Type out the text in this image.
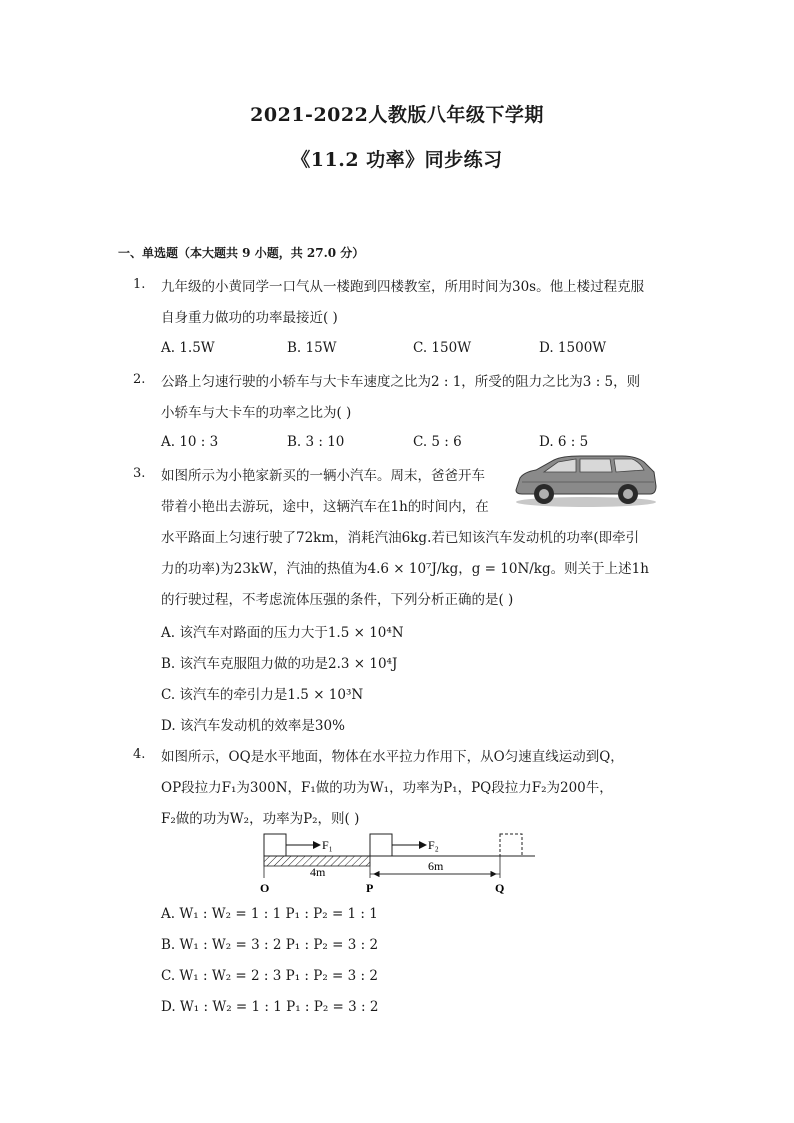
2021-2022人教版八年级下学期
《11.2 功率》同步练习
一、单选题（本大题共 9 小题，共 27.0 分）
1. 九年级的小黄同学一口气从一楼跑到四楼教室，所用时间为30s。他上楼过程克服
自身重力做功的功率最接近( )
A. 1.5W	B. 15W	C. 150W	D. 1500W
2. 公路上匀速行驶的小轿车与大卡车速度之比为2 : 1，所受的阻力之比为3 : 5，则
小轿车与大卡车的功率之比为( )
A. 10 : 3	B. 3 : 10	C. 5 : 6	D. 6 : 5
3. 如图所示为小艳家新买的一辆小汽车。周末，爸爸开车
带着小艳出去游玩，途中，这辆汽车在1h的时间内，在
水平路面上匀速行驶了72km，消耗汽油6kg.若已知该汽车发动机的功率(即牵引
力的功率)为23kW，汽油的热值为4.6 × 10⁷J/kg，g = 10N/kg。则关于上述1h
的行驶过程，不考虑流体压强的条件，下列分析正确的是( )
A. 该汽车对路面的压力大于1.5 × 10⁴N
B. 该汽车克服阻力做的功是2.3 × 10⁴J
C. 该汽车的牵引力是1.5 × 10³N
D. 该汽车发动机的效率是30%
4. 如图所示，OQ是水平地面，物体在水平拉力作用下，从O匀速直线运动到Q，
OP段拉力F₁为300N，F₁做的功为W₁，功率为P₁，PQ段拉力F₂为200牛，
F₂做的功为W₂，功率为P₂，则( )
F₁	F₂
4m	6m
O	P	Q
A. W₁ : W₂ = 1 : 1 P₁ : P₂ = 1 : 1
B. W₁ : W₂ = 3 : 2 P₁ : P₂ = 3 : 2
C. W₁ : W₂ = 2 : 3 P₁ : P₂ = 3 : 2
D. W₁ : W₂ = 1 : 1 P₁ : P₂ = 3 : 2
